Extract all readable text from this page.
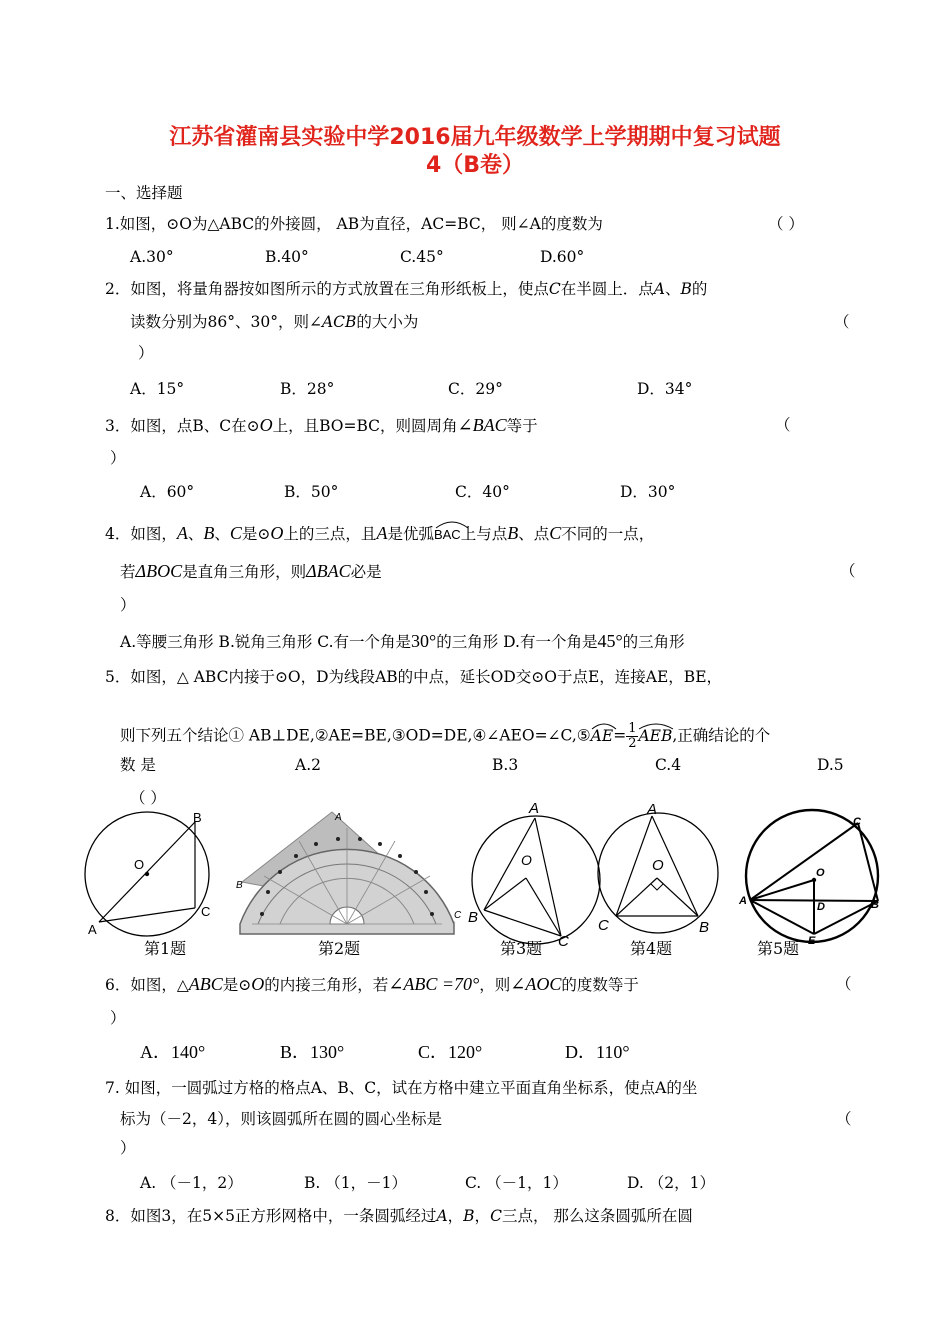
江苏省灌南县实验中学2016届九年级数学上学期期中复习试题
4（B卷）
一、选择题
1.如图，⊙O为△ABC的外接圆， AB为直径，AC=BC， 则∠A的度数为	（ ）
A.30°	B.40°	C.45°	D.60°
2．如图，将量角器按如图所示的方式放置在三角形纸板上，使点C在半圆上．点A、B的
读数分别为86°、30°，则∠ACB的大小为	（
）
A．15°	B．28°	C．29°	D．34°
3．如图，点B、C在⊙O上，且BO=BC，则圆周角∠BAC等于	（
）
A．60°	B．50°	C．40°	D．30°
4．如图，A、B、C是⊙O上的三点，且A是优弧
BAC上与点B、点C不同的一点，
若ΔBOC是直角三角形，则ΔBAC必是	（
）
A.等腰三角形 B.锐角三角形 C.有一个角是30°的三角形 D.有一个角是45°的三角形
5．如图，△ ABC内接于⊙O，D为线段AB的中点，延长OD交⊙O于点E，连接AE，BE，
则下列五个结论① AB⊥DE,②AE=BE,③OD=DE,④∠AEO=∠C,⑤
$AE= \frac{1}{2}$ AEB,正确结论的个
数 是	A.2	B.3	C.4	D.5
（ ）
O
A
B
C
A
B
C
A
O
B
C
A
O
C	B
A	B
C
O
D
E
第1题	第2题	第3题	第4题	第5题
6．如图，△ABC是⊙O的内接三角形，若∠ABC =70°，则∠AOC的度数等于	（
）
A．140°	B．130°	C．120°	D．110°
7. 如图，一圆弧过方格的格点A、B、C，试在方格中建立平面直角坐标系，使点A的坐
标为（－2，4），则该圆弧所在圆的圆心坐标是	（
）
A. （－1，2）	B. （1，－1）	C. （－1，1）	D. （2，1）
8．如图3，在5×5正方形网格中，一条圆弧经过A，B，C三点， 那么这条圆弧所在圆
